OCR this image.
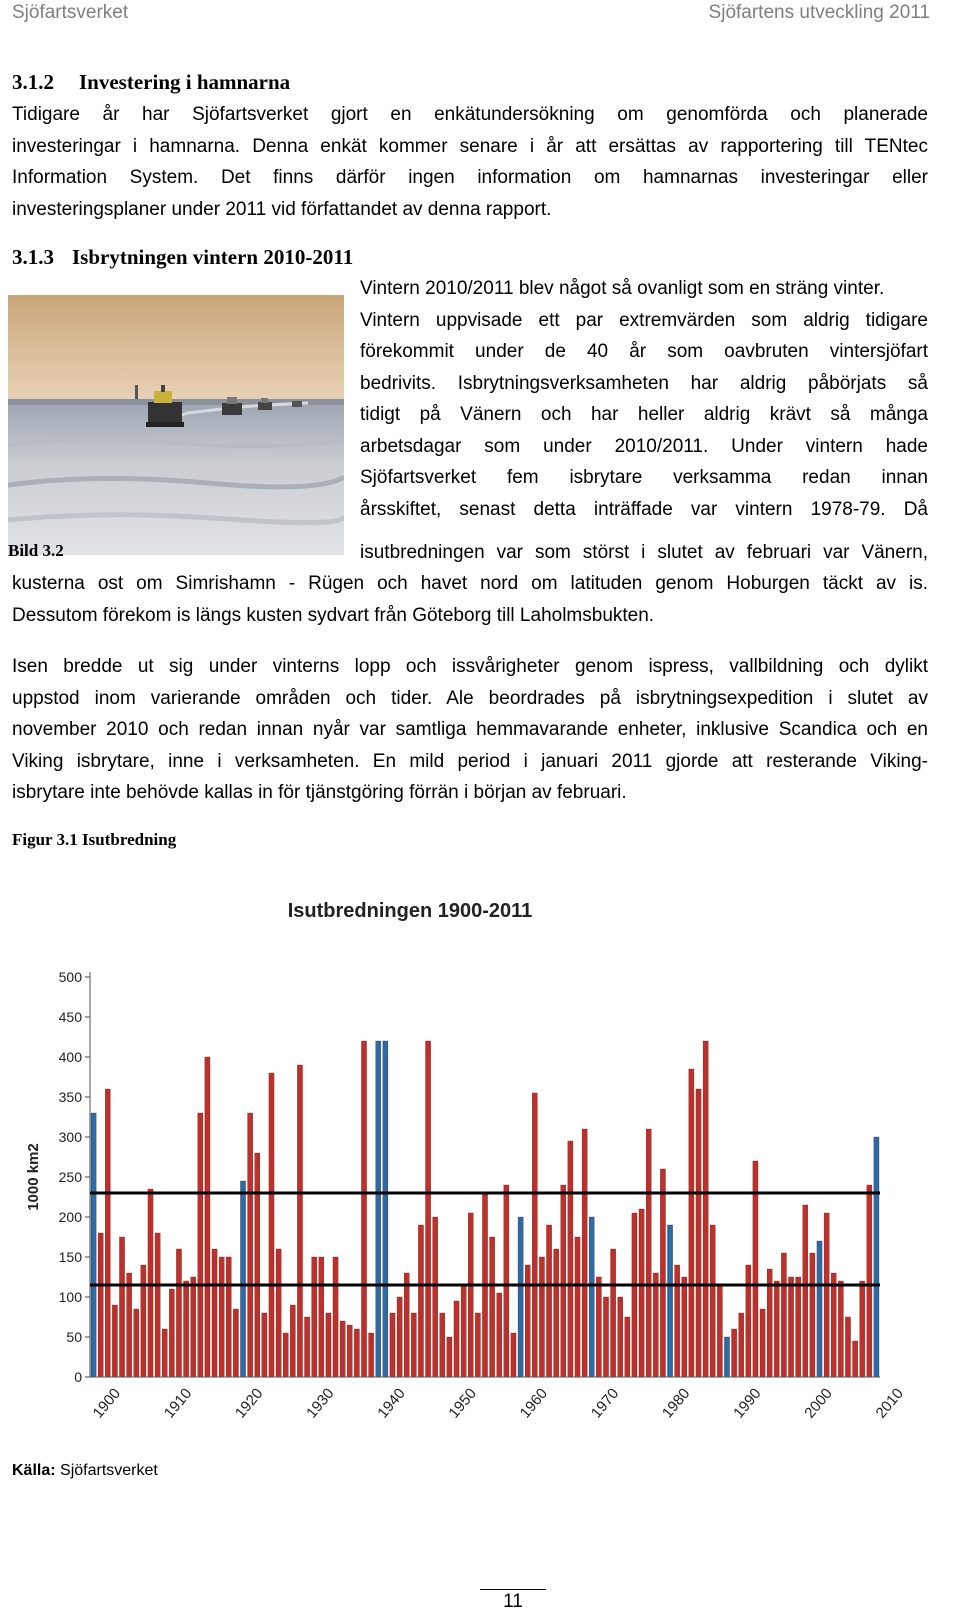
Sjöfartsverket	Sjöfartens utveckling 2011
3.1.2 Investering i hamnarna
Tidigare år har Sjöfartsverket gjort en enkätundersökning om genomförda och planerade
investeringar i hamnarna. Denna enkät kommer senare i år att ersättas av rapportering till TENtec
Information System. Det finns därför ingen information om hamnarnas investeringar eller
investeringsplaner under 2011 vid författandet av denna rapport.
3.1.3 Isbrytningen vintern 2010-2011
Bild 3.2
Vintern 2010/2011 blev något så ovanligt som en sträng vinter.
Vintern uppvisade ett par extremvärden som aldrig tidigare
förekommit under de 40 år som oavbruten vintersjöfart
bedrivits. Isbrytningsverksamheten har aldrig påbörjats så
tidigt på Vänern och har heller aldrig krävt så många
arbetsdagar som under 2010/2011. Under vintern hade
Sjöfartsverket fem isbrytare verksamma redan innan
årsskiftet, senast detta inträffade var vintern 1978-79. Då
isutbredningen var som störst i slutet av februari var Vänern,
kusterna ost om Simrishamn - Rügen och havet nord om latituden genom Hoburgen täckt av is.
Dessutom förekom is längs kusten sydvart från Göteborg till Laholmsbukten.
Isen bredde ut sig under vinterns lopp och issvårigheter genom ispress, vallbildning och dylikt
uppstod inom varierande områden och tider. Ale beordrades på isbrytningsexpedition i slutet av
november 2010 och redan innan nyår var samtliga hemmavarande enheter, inklusive Scandica och en
Viking isbrytare, inne i verksamheten. En mild period i januari 2011 gjorde att resterande Viking-
isbrytare inte behövde kallas in för tjänstgöring förrän i början av februari.
Figur 3.1 Isutbredning
Isutbredningen 1900-2011
1000 km2
0
50
100
150
200
250
300
350
400
450
500
1900 1910 1920 1930 1940 1950 1960 1970 1980 1990 2000 2010
Källa: Sjöfartsverket
11
